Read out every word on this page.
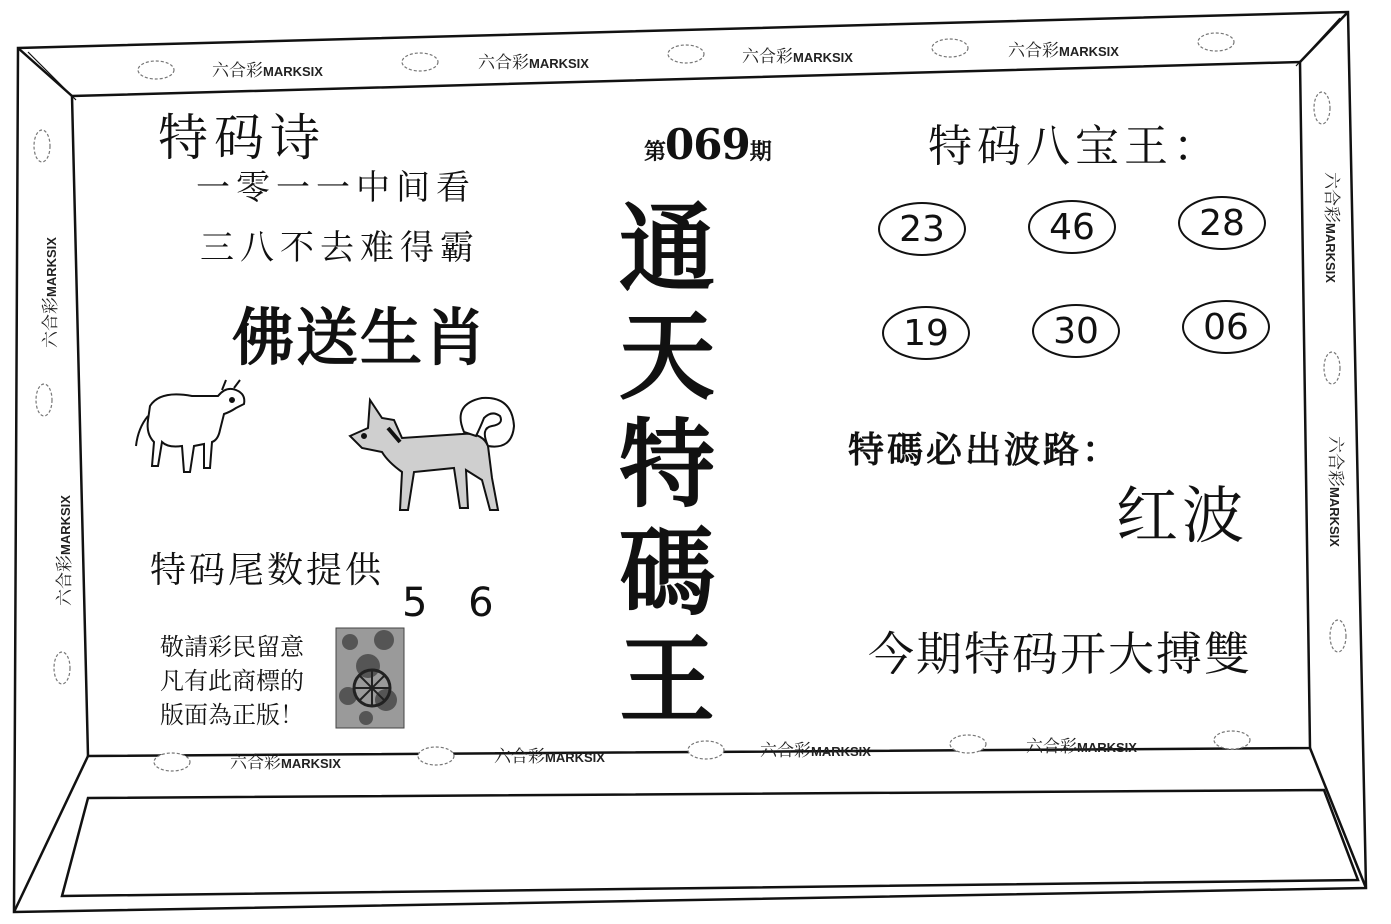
六合彩MARKSIX	六合彩MARKSIX	六合彩MARKSIX	六合彩MARKSIX
六合彩MARKSIX	六合彩MARKSIX	六合彩MARKSIX	六合彩MARKSIX
六合彩MARKSIX
六合彩MARKSIX
六合彩MARKSIX
六合彩MARKSIX
特码诗
一零一一中间看
三八不去难得霸
佛送生肖
特码尾数提供
5 6
敬請彩民留意
凡有此商標的
版面為正版！
第069期
通
天
特
碼
王
特码八宝王：
23	46	28
19	30	06
特碼必出波路：
红波
今期特码开大搏雙
